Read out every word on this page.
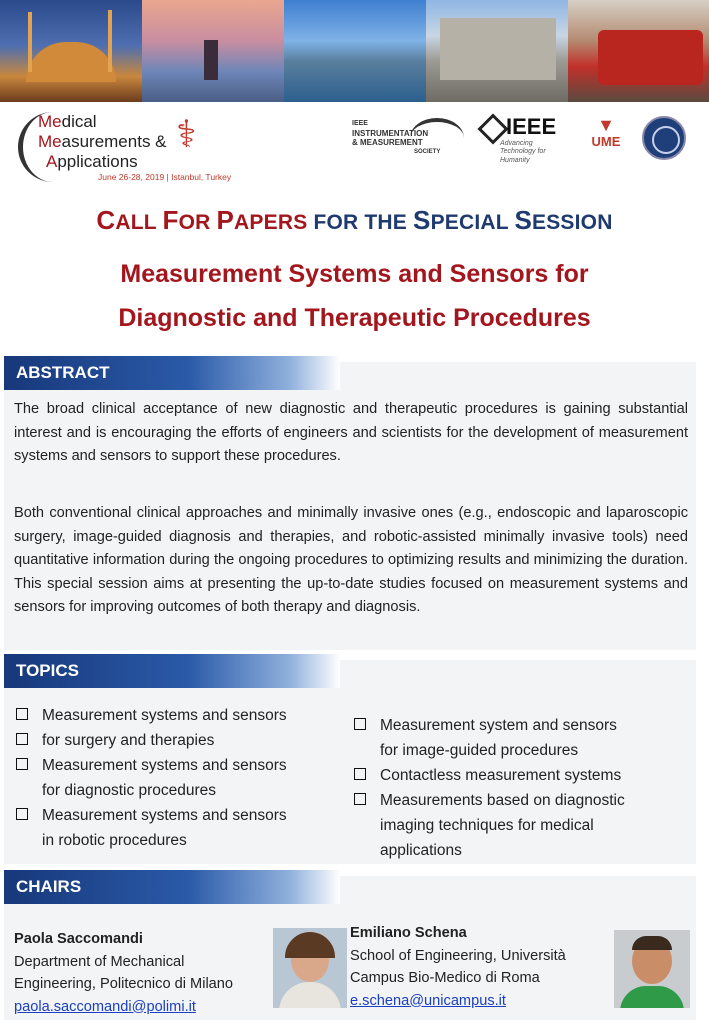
Medical
Measurements &
Applications
June 26-28, 2019 | Istanbul, Turkey
⚕	IEEE
INSTRUMENTATION
& MEASUREMENT
SOCIETY
IEEE
Advancing Technology for Humanity
▼
UME
CALL FOR PAPERS FOR THE SPECIAL SESSION
Measurement Systems and Sensors for
Diagnostic and Therapeutic Procedures
ABSTRACT
The broad clinical acceptance of new diagnostic and therapeutic procedures is gaining substantial interest and is encouraging the efforts of engineers and scientists for the development of measurement systems and sensors to support these procedures.
Both conventional clinical approaches and minimally invasive ones (e.g., endoscopic and laparoscopic surgery, image-guided diagnosis and therapies, and robotic-assisted minimally invasive tools) need quantitative information during the ongoing procedures to optimizing results and minimizing the duration. This special session aims at presenting the up-to-date studies focused on measurement systems and sensors for improving outcomes of both therapy and diagnosis.
TOPICS
Measurement systems and sensors
for surgery and therapies
Measurement systems and sensors
for diagnostic procedures
Measurement systems and sensors
in robotic procedures
Measurement system and sensors
for image-guided procedures
Contactless measurement systems
Measurements based on diagnostic
imaging techniques for medical
applications
CHAIRS
Paola Saccomandi
Department of Mechanical
Engineering, Politecnico di Milano
paola.saccomandi@polimi.it
Emiliano Schena
School of Engineering, Università
Campus Bio-Medico di Roma
e.schena@unicampus.it
